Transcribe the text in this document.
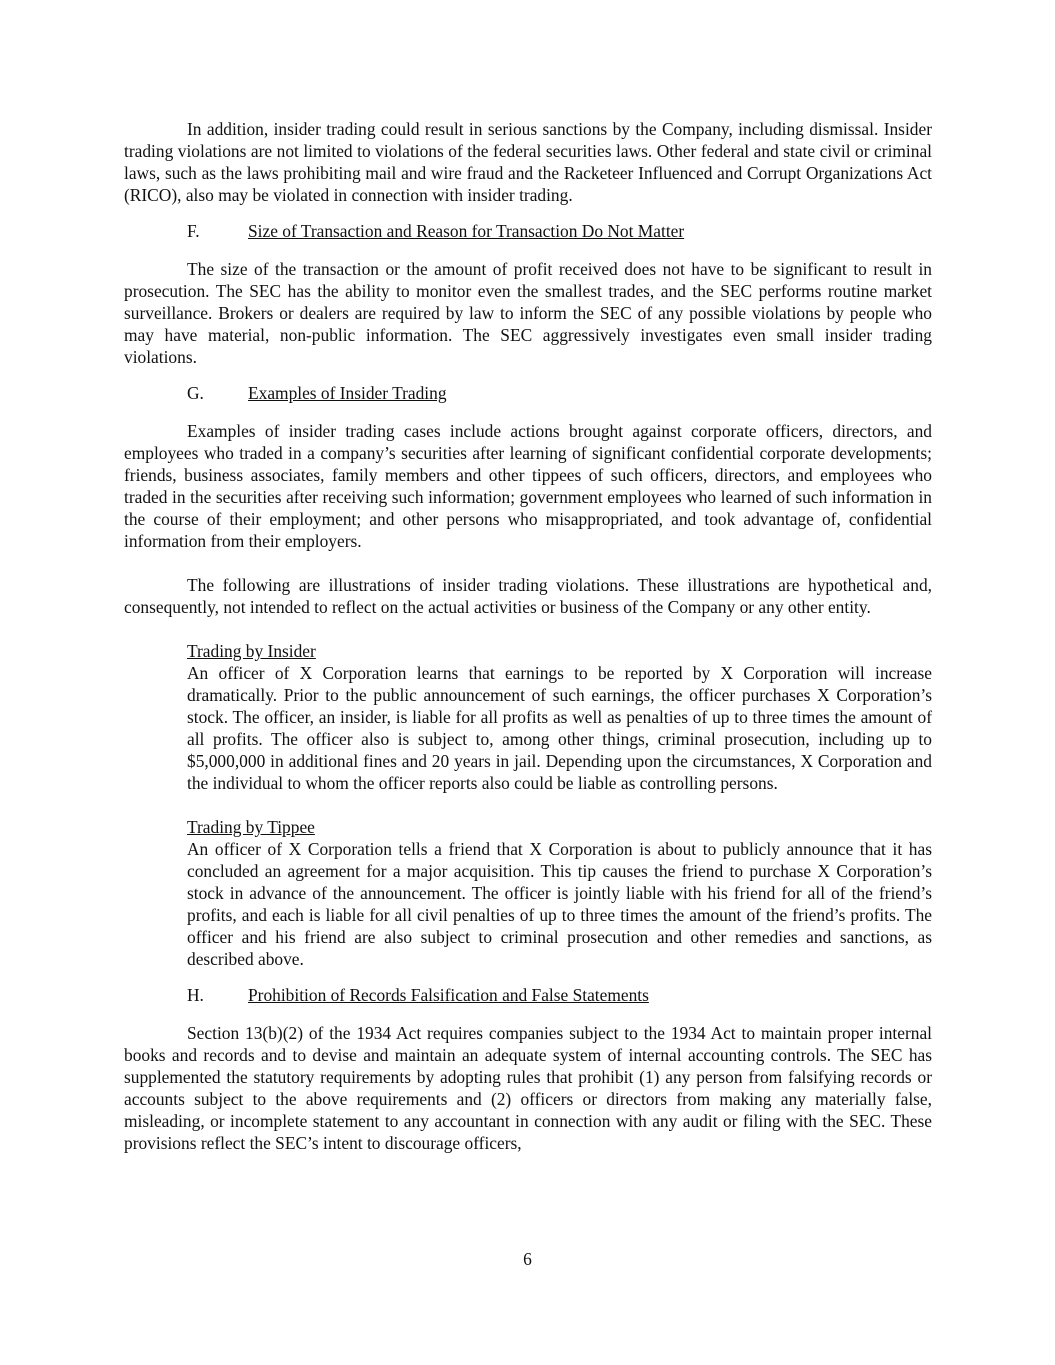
In addition, insider trading could result in serious sanctions by the Company, including dismissal. Insider trading violations are not limited to violations of the federal securities laws. Other federal and state civil or criminal laws, such as the laws prohibiting mail and wire fraud and the Racketeer Influenced and Corrupt Organizations Act (RICO), also may be violated in connection with insider trading.

F.	Size of Transaction and Reason for Transaction Do Not Matter

The size of the transaction or the amount of profit received does not have to be significant to result in prosecution. The SEC has the ability to monitor even the smallest trades, and the SEC performs routine market surveillance. Brokers or dealers are required by law to inform the SEC of any possible violations by people who may have material, non-public information. The SEC aggressively investigates even small insider trading violations.

G.	Examples of Insider Trading

Examples of insider trading cases include actions brought against corporate officers, directors, and employees who traded in a company’s securities after learning of significant confidential corporate developments; friends, business associates, family members and other tippees of such officers, directors, and employees who traded in the securities after receiving such information; government employees who learned of such information in the course of their employment; and other persons who misappropriated, and took advantage of, confidential information from their employers.

The following are illustrations of insider trading violations. These illustrations are hypothetical and, consequently, not intended to reflect on the actual activities or business of the Company or any other entity.

Trading by Insider

An officer of X Corporation learns that earnings to be reported by X Corporation will increase dramatically. Prior to the public announcement of such earnings, the officer purchases X Corporation’s stock. The officer, an insider, is liable for all profits as well as penalties of up to three times the amount of all profits. The officer also is subject to, among other things, criminal prosecution, including up to $5,000,000 in additional fines and 20 years in jail. Depending upon the circumstances, X Corporation and the individual to whom the officer reports also could be liable as controlling persons.

Trading by Tippee

An officer of X Corporation tells a friend that X Corporation is about to publicly announce that it has concluded an agreement for a major acquisition. This tip causes the friend to purchase X Corporation’s stock in advance of the announcement. The officer is jointly liable with his friend for all of the friend’s profits, and each is liable for all civil penalties of up to three times the amount of the friend’s profits. The officer and his friend are also subject to criminal prosecution and other remedies and sanctions, as described above.

H.	Prohibition of Records Falsification and False Statements

Section 13(b)(2) of the 1934 Act requires companies subject to the 1934 Act to maintain proper internal books and records and to devise and maintain an adequate system of internal accounting controls. The SEC has supplemented the statutory requirements by adopting rules that prohibit (1) any person from falsifying records or accounts subject to the above requirements and (2) officers or directors from making any materially false, misleading, or incomplete statement to any accountant in connection with any audit or filing with the SEC. These provisions reflect the SEC’s intent to discourage officers,

6
